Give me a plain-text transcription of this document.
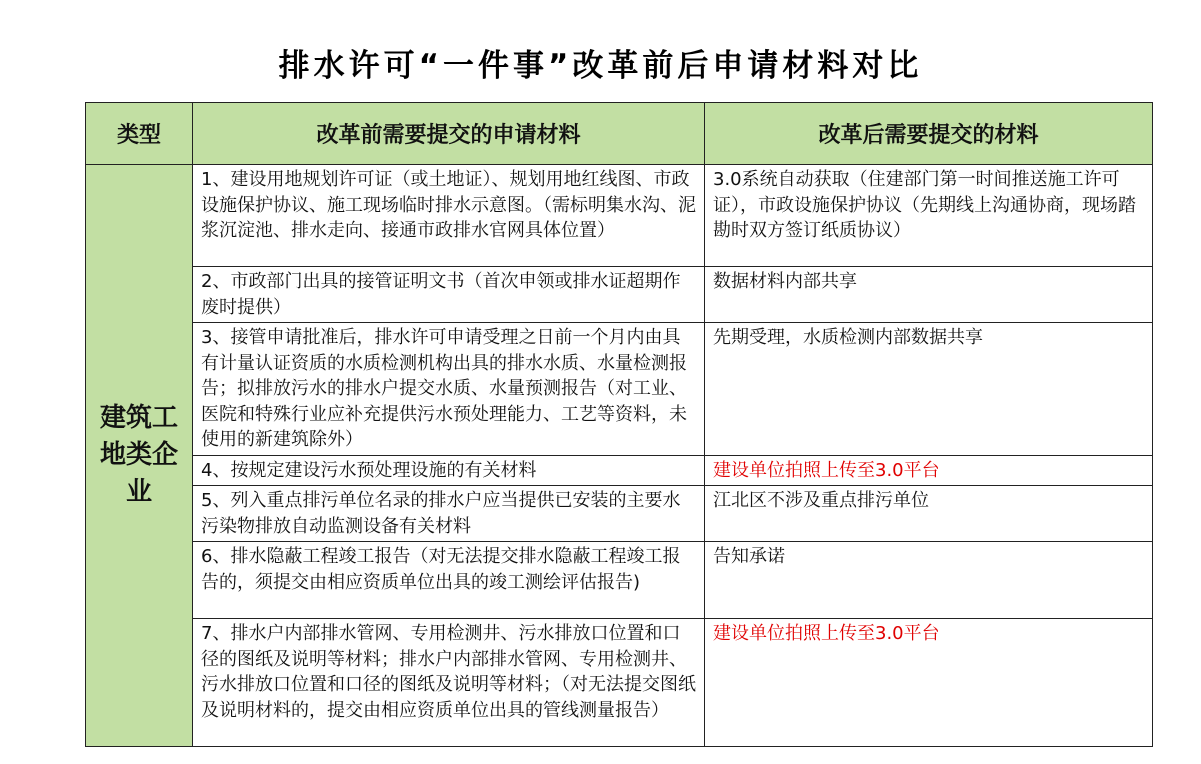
排水许可“一件事”改革前后申请材料对比
类型	改革前需要提交的申请材料	改革后需要提交的材料
建筑工地类企业	1、建设用地规划许可证（或土地证）、规划用地红线图、市政设施保护协议、施工现场临时排水示意图。（需标明集水沟、泥浆沉淀池、排水走向、接通市政排水官网具体位置）	3.0系统自动获取（住建部门第一时间推送施工许可证），市政设施保护协议（先期线上沟通协商，现场踏勘时双方签订纸质协议）
	2、市政部门出具的接管证明文书（首次申领或排水证超期作废时提供）	数据材料内部共享
	3、接管申请批准后，排水许可申请受理之日前一个月内由具有计量认证资质的水质检测机构出具的排水水质、水量检测报告；拟排放污水的排水户提交水质、水量预测报告（对工业、医院和特殊行业应补充提供污水预处理能力、工艺等资料，未使用的新建筑除外）	先期受理，水质检测内部数据共享
	4、按规定建设污水预处理设施的有关材料	建设单位拍照上传至3.0平台
	5、列入重点排污单位名录的排水户应当提供已安装的主要水污染物排放自动监测设备有关材料	江北区不涉及重点排污单位
	6、排水隐蔽工程竣工报告（对无法提交排水隐蔽工程竣工报告的，须提交由相应资质单位出具的竣工测绘评估报告)	告知承诺
	7、排水户内部排水管网、专用检测井、污水排放口位置和口径的图纸及说明等材料；排水户内部排水管网、专用检测井、污水排放口位置和口径的图纸及说明等材料；（对无法提交图纸及说明材料的，提交由相应资质单位出具的管线测量报告）	建设单位拍照上传至3.0平台
